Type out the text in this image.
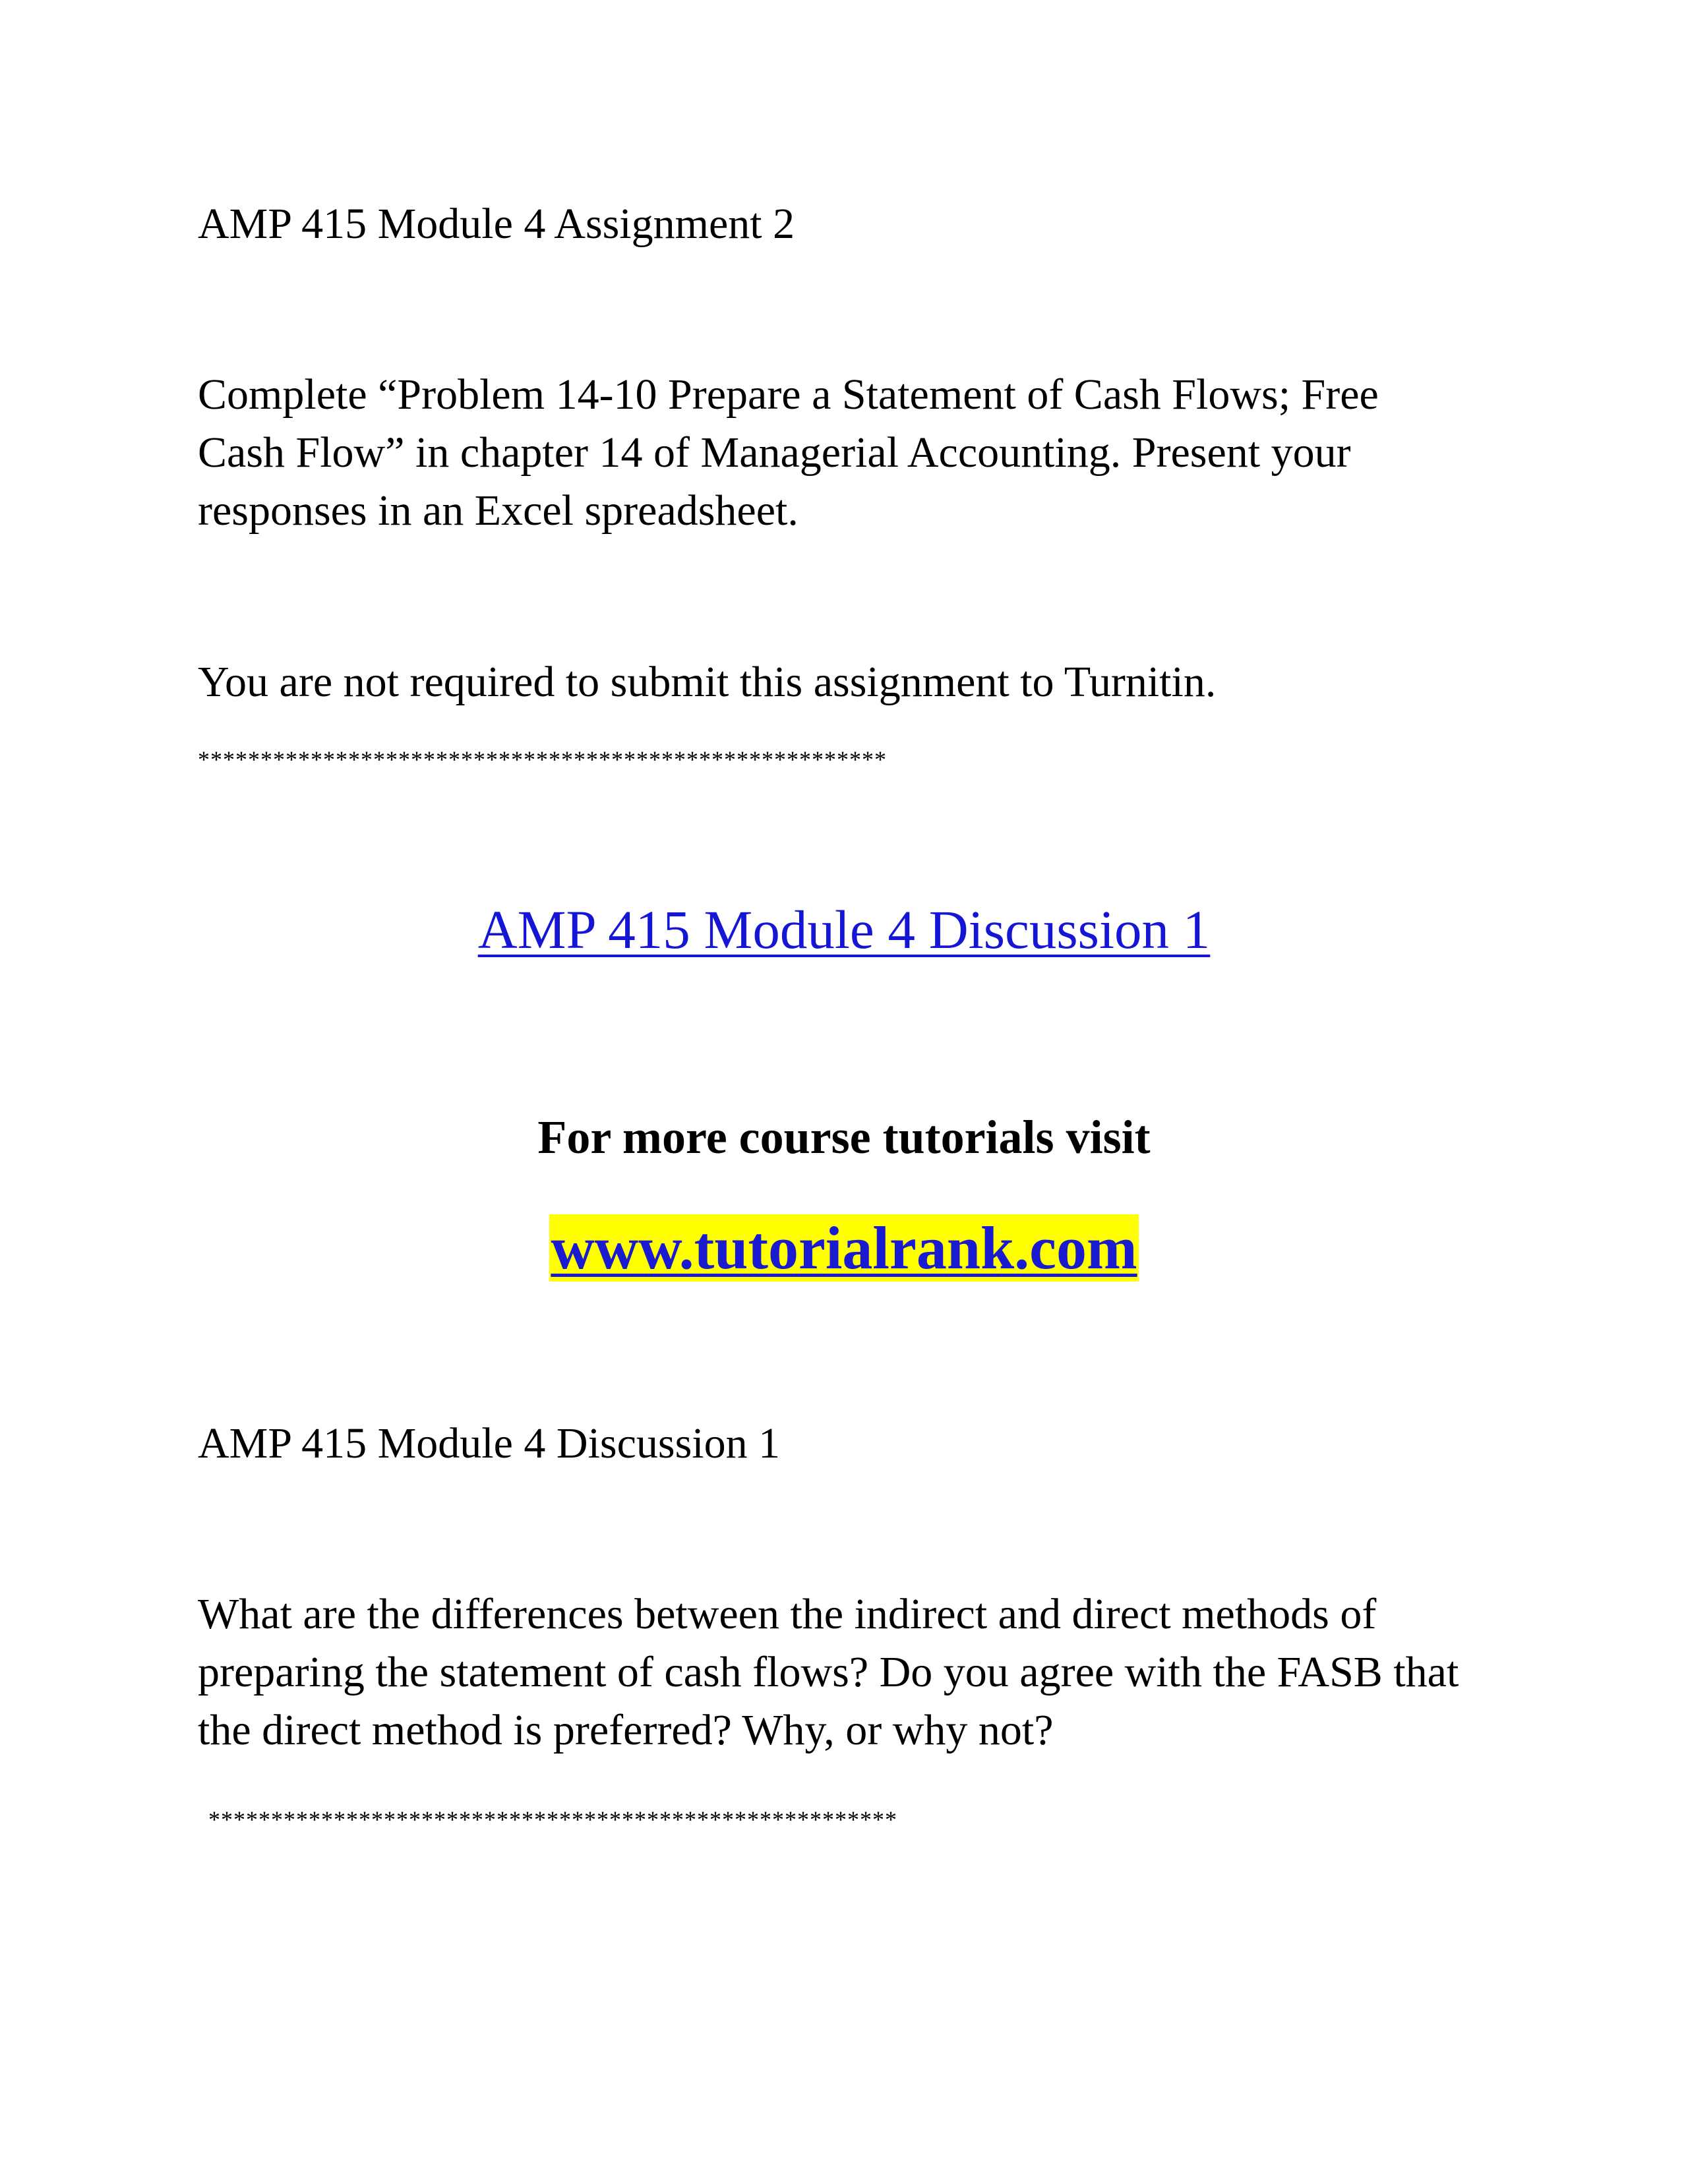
AMP 415 Module 4 Assignment 2

Complete “Problem 14-10 Prepare a Statement of Cash Flows; Free
Cash Flow” in chapter 14 of Managerial Accounting. Present your
responses in an Excel spreadsheet.

You are not required to submit this assignment to Turnitin.

*******************************************************

AMP 415 Module 4 Discussion 1

For more course tutorials visit

www.tutorialrank.com

AMP 415 Module 4 Discussion 1

What are the differences between the indirect and direct methods of
preparing the statement of cash flows? Do you agree with the FASB that
the direct method is preferred? Why, or why not?

*******************************************************
